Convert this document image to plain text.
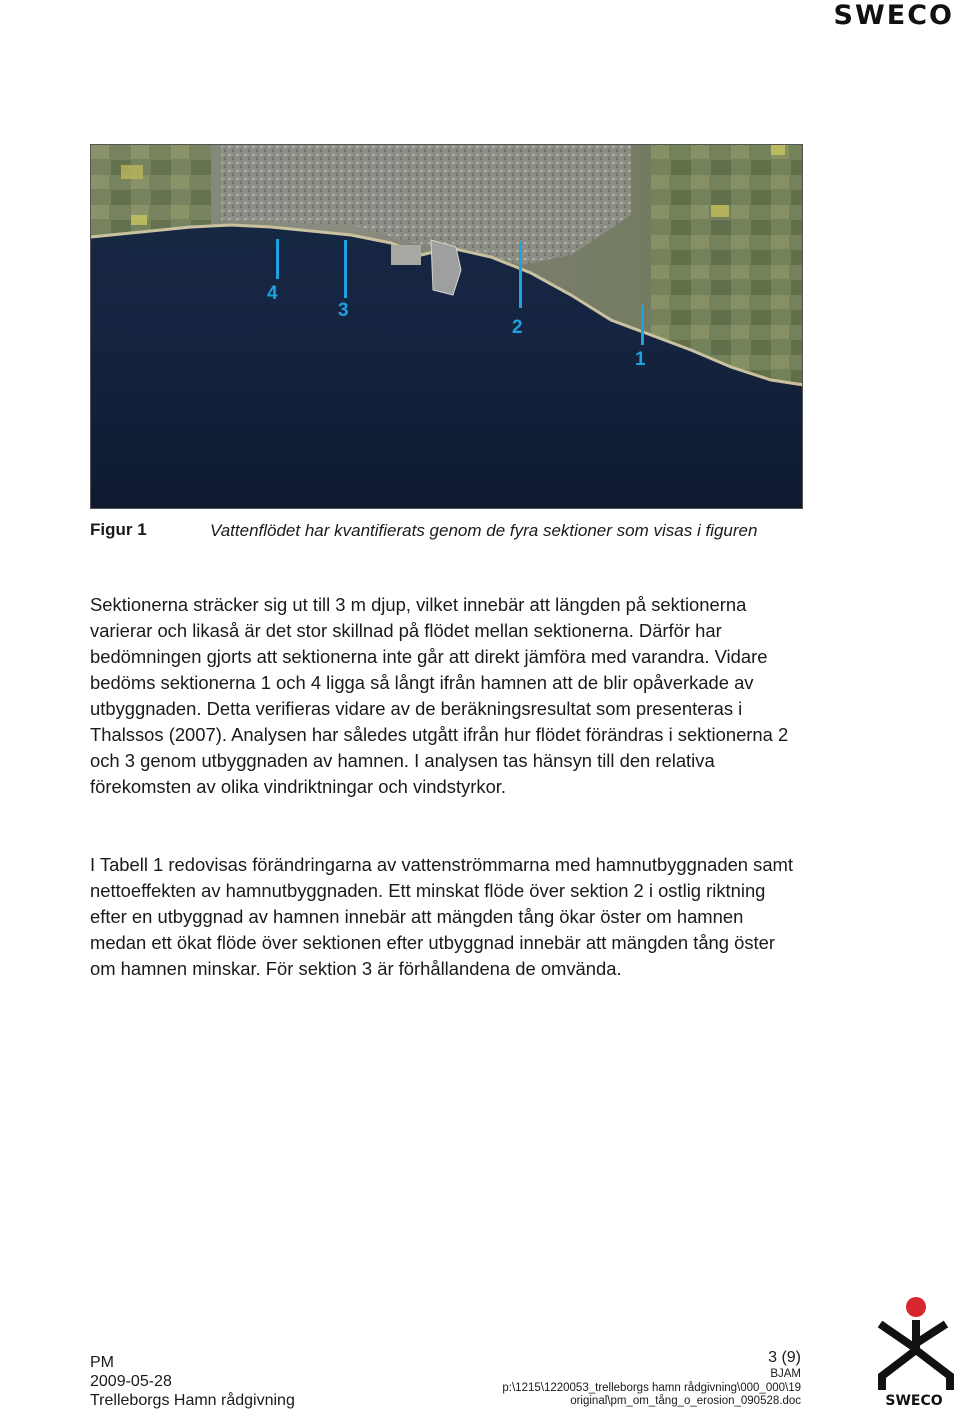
SWECO
4
3
2
1
Figur 1	Vattenflödet har kvantifierats genom de fyra sektioner som visas i figuren

Sektionerna sträcker sig ut till 3 m djup, vilket innebär att längden på sektionerna varierar och likaså är det stor skillnad på flödet mellan sektionerna. Därför har bedömningen gjorts att sektionerna inte går att direkt jämföra med varandra. Vidare bedöms sektionerna 1 och 4 ligga så långt ifrån hamnen att de blir opåverkade av utbyggnaden. Detta verifieras vidare av de beräkningsresultat som presenteras i Thalssos (2007). Analysen har således utgått ifrån hur flödet förändras i sektionerna 2 och 3 genom utbyggnaden av hamnen. I analysen tas hänsyn till den relativa förekomsten av olika vindriktningar och vindstyrkor.

I Tabell 1 redovisas förändringarna av vattenströmmarna med hamnutbyggnaden samt nettoeffekten av hamnutbyggnaden. Ett minskat flöde över sektion 2 i ostlig riktning efter en utbyggnad av hamnen innebär att mängden tång ökar öster om hamnen medan ett ökat flöde över sektionen efter utbyggnad innebär att mängden tång öster om hamnen minskar. För sektion 3 är förhållandena de omvända.

PM
2009-05-28
Trelleborgs Hamn rådgivning
3 (9)
BJAM
p:\1215\1220053_trelleborgs hamn rådgivning\000_000\19
original\pm_om_tång_o_erosion_090528.doc	SWECO
